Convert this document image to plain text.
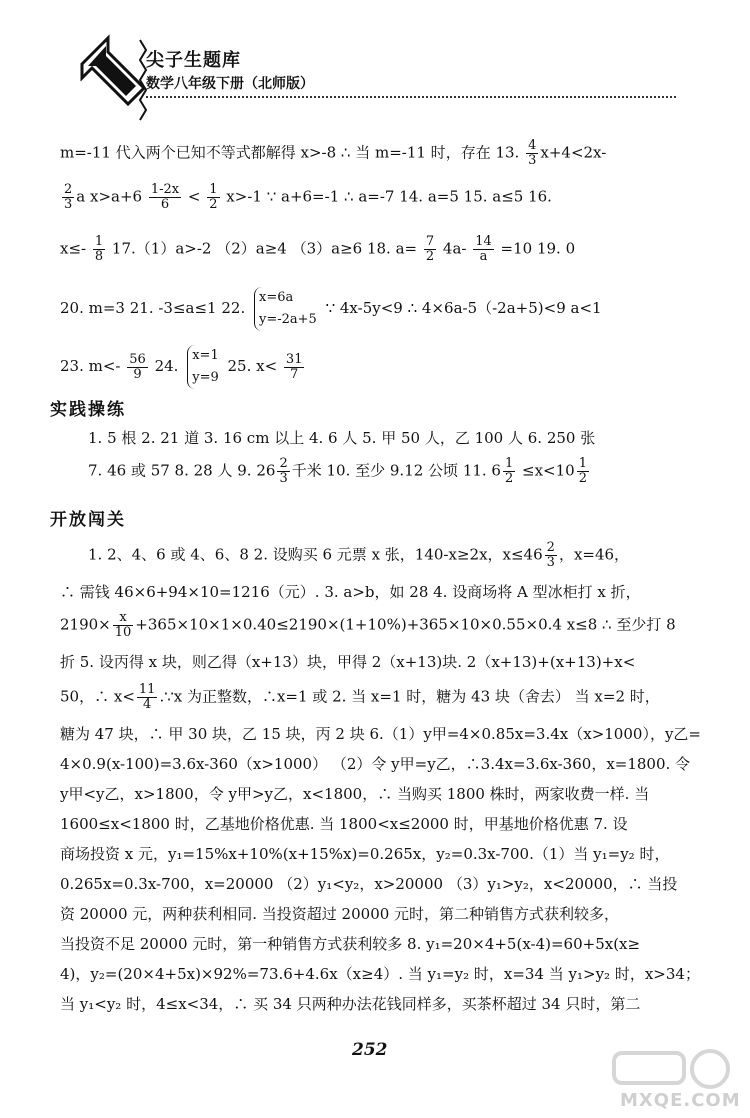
尖子生题库
数学八年级下册（北师版）
m=-11 代入两个已知不等式都解得 x>-8 ∴ 当 m=-11 时，存在 13. $\frac{4}{3} x+4<2x-$
$\frac{2}{3}$ a $x>a+6 \frac{1-2x}{6} < \frac{1}{2} x>-1$ ∵ a+6=-1 ∴ a=-7 14. a=5 15. a≤5 16.
$x\le- \frac{1}{8} 17.(1)a>-2$ （2）a≥4 （3）a≥6 18. $a= \frac{7}{2} 4a- \frac{14}{a} =10$ 19. 0
20. m=3 21. -3≤a≤1 22.
x=6a
y=-2a+5
∵ 4x-5y<9 ∴ 4×6a-5（-2a+5)<9 a<1
23. $m<- \frac{56}{9} 24$.
x=1
y=9
25. $x< \frac{31}{7}$
实践操练
1. 5 根 2. 21 道 3. 16 cm 以上 4. 6 人 5. 甲 50 人，乙 100 人 6. 250 张
7. 46 或 57 8. 28 人 9. $26 \frac{2}{3}$ 千米 10. 至少 9.12 公顷 11. $6 \frac{1}{2} \le x<10 \frac{1}{2}$
开放闯关
1. 2、4、6 或 4、6、8 2. 设购买 6 元票 x 张，140-x≥2x，$x\le 46 \frac{2}{3}$ ，x=46，
∴ 需钱 46×6+94×10=1216（元）. 3. a>b，如 28 4. 设商场将 A 型冰柜打 x 折，
$2190\times \frac{x}{10} +365\times 10\times 1\times 0.40\le 2190\times(1+10\%)+365\times 10\times 0.55\times 0.4$ x≤8 ∴ 至少打 8
折 5. 设丙得 x 块，则乙得（x+13）块，甲得 2（x+13)块. 2（x+13)+(x+13)+x<
50，∴ $x< \frac{11}{4}$ .∵x 为正整数，∴x=1 或 2. 当 x=1 时，糖为 43 块（舍去） 当 x=2 时，
糖为 47 块，∴ 甲 30 块，乙 15 块，丙 2 块 6.（1）y甲=4×0.85x=3.4x（x>1000），y乙=
4×0.9(x-100)=3.6x-360（x>1000） （2）令 y甲=y乙，∴3.4x=3.6x-360，x=1800. 令
y甲<y乙，x>1800，令 y甲>y乙，x<1800，∴ 当购买 1800 株时，两家收费一样. 当
1600≤x<1800 时，乙基地价格优惠. 当 1800<x≤2000 时，甲基地价格优惠 7. 设
商场投资 x 元，y₁=15%x+10%(x+15%x)=0.265x，y₂=0.3x-700.（1）当 y₁=y₂ 时，
0.265x=0.3x-700，x=20000 （2）y₁<y₂，x>20000 （3）y₁>y₂，x<20000，∴ 当投
资 20000 元，两种获利相同. 当投资超过 20000 元时，第二种销售方式获利较多，
当投资不足 20000 元时，第一种销售方式获利较多 8. y₁=20×4+5(x-4)=60+5x(x≥
4)，y₂=(20×4+5x)×92%=73.6+4.6x（x≥4）. 当 y₁=y₂ 时，x=34 当 y₁>y₂ 时，x>34；
当 y₁<y₂ 时，4≤x<34，∴ 买 34 只两种办法花钱同样多，买茶杯超过 34 只时，第二
252
MXQE.COM
